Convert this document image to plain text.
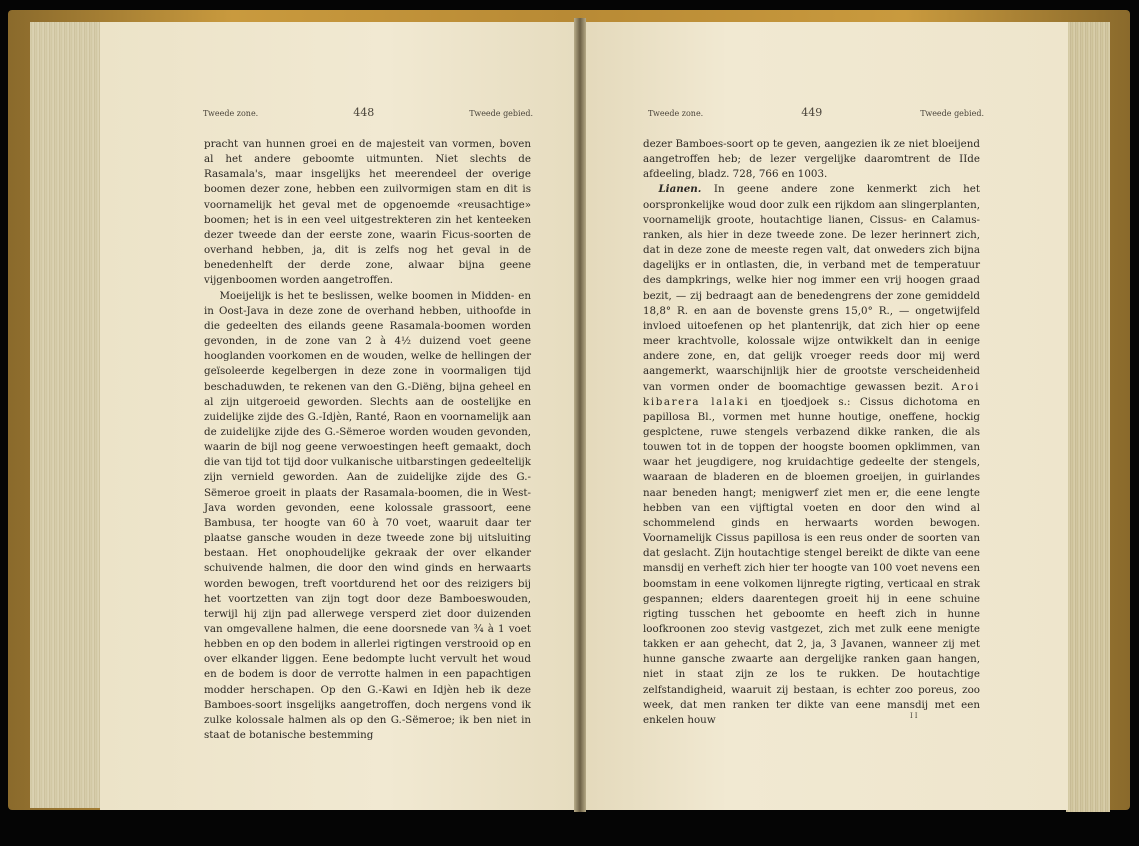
Tweede zone.	448	Tweede gebied.

pracht van hunnen groei en de majesteit van vormen, boven al het andere geboomte uitmunten. Niet slechts de Rasamala's, maar insgelijks het meerendeel der overige boomen dezer zone, hebben een zuilvormigen stam en dit is voornamelijk het geval met de opgenoemde «reusachtige» boomen; het is in een veel uitgestrekteren zin het kenteeken dezer tweede dan der eerste zone, waarin Ficus-soorten de overhand hebben, ja, dit is zelfs nog het geval in de benedenhelft der derde zone, alwaar bijna geene vijgenboomen worden aangetroffen.

Moeijelijk is het te beslissen, welke boomen in Midden- en in Oost-Java in deze zone de overhand hebben, uithoofde in die gedeelten des eilands geene Rasamala-boomen worden gevonden, in de zone van 2 à 4½ duizend voet geene hooglanden voorkomen en de wouden, welke de hellingen der geïsoleerde kegelbergen in deze zone in voormaligen tijd beschaduwden, te rekenen van den G.-Diëng, bijna geheel en al zijn uitgeroeid geworden. Slechts aan de oostelijke en zuidelijke zijde des G.-Idjèn, Ranté, Raon en voornamelijk aan de zuidelijke zijde des G.-Sëmeroe worden wouden gevonden, waarin de bijl nog geene verwoestingen heeft gemaakt, doch die van tijd tot tijd door vulkanische uitbarstingen gedeeltelijk zijn vernield geworden. Aan de zuidelijke zijde des G.-Sëmeroe groeit in plaats der Rasamala-boomen, die in West-Java worden gevonden, eene kolossale grassoort, eene Bambusa, ter hoogte van 60 à 70 voet, waaruit daar ter plaatse gansche wouden in deze tweede zone bij uitsluiting bestaan. Het onophoudelijke gekraak der over elkander schuivende halmen, die door den wind ginds en herwaarts worden bewogen, treft voortdurend het oor des reizigers bij het voortzetten van zijn togt door deze Bamboeswouden, terwijl hij zijn pad allerwege versperd ziet door duizenden van omgevallene halmen, die eene doorsnede van ¾ à 1 voet hebben en op den bodem in allerlei rigtingen verstrooid op en over elkander liggen. Eene bedompte lucht vervult het woud en de bodem is door de verrotte halmen in een papachtigen modder herschapen. Op den G.-Kawi en Idjèn heb ik deze Bamboes-soort insgelijks aangetroffen, doch nergens vond ik zulke kolossale halmen als op den G.-Sëmeroe; ik ben niet in staat de botanische bestemming

Tweede zone.	449	Tweede gebied.

dezer Bamboes-soort op te geven, aangezien ik ze niet bloeijend aangetroffen heb; de lezer vergelijke daaromtrent de IIde afdeeling, bladz. 728, 766 en 1003.

Lianen. In geene andere zone kenmerkt zich het oorspronkelijke woud door zulk een rijkdom aan slingerplanten, voornamelijk groote, houtachtige lianen, Cissus- en Calamus-ranken, als hier in deze tweede zone. De lezer herinnert zich, dat in deze zone de meeste regen valt, dat onweders zich bijna dagelijks er in ontlasten, die, in verband met de temperatuur des dampkrings, welke hier nog immer een vrij hoogen graad bezit, — zij bedraagt aan de benedengrens der zone gemiddeld 18,8° R. en aan de bovenste grens 15,0° R., — ongetwijfeld invloed uitoefenen op het plantenrijk, dat zich hier op eene meer krachtvolle, kolossale wijze ontwikkelt dan in eenige andere zone, en, dat gelijk vroeger reeds door mij werd aangemerkt, waarschijnlijk hier de grootste verscheidenheid van vormen onder de boomachtige gewassen bezit. Aroi kibarera lalaki en tjoedjoek s.: Cissus dichotoma en papillosa Bl., vormen met hunne houtige, oneffene, hockig gesplctene, ruwe stengels verbazend dikke ranken, die als touwen tot in de toppen der hoogste boomen opklimmen, van waar het jeugdigere, nog kruidachtige gedeelte der stengels, waaraan de bladeren en de bloemen groeijen, in guirlandes naar beneden hangt; menigwerf ziet men er, die eene lengte hebben van een vijftigtal voeten en door den wind al schommelend ginds en herwaarts worden bewogen. Voornamelijk Cissus papillosa is een reus onder de soorten van dat geslacht. Zijn houtachtige stengel bereikt de dikte van eene mansdij en verheft zich hier ter hoogte van 100 voet nevens een boomstam in eene volkomen lijnregte rigting, verticaal en strak gespannen; elders daarentegen groeit hij in eene schuine rigting tusschen het geboomte en heeft zich in hunne loofkroonen zoo stevig vastgezet, zich met zulk eene menigte takken er aan gehecht, dat 2, ja, 3 Javanen, wanneer zij met hunne gansche zwaarte aan dergelijke ranken gaan hangen, niet in staat zijn ze los te rukken. De houtachtige zelfstandigheid, waaruit zij bestaan, is echter zoo poreus, zoo week, dat men ranken ter dikte van eene mansdij met een enkelen houw	II
